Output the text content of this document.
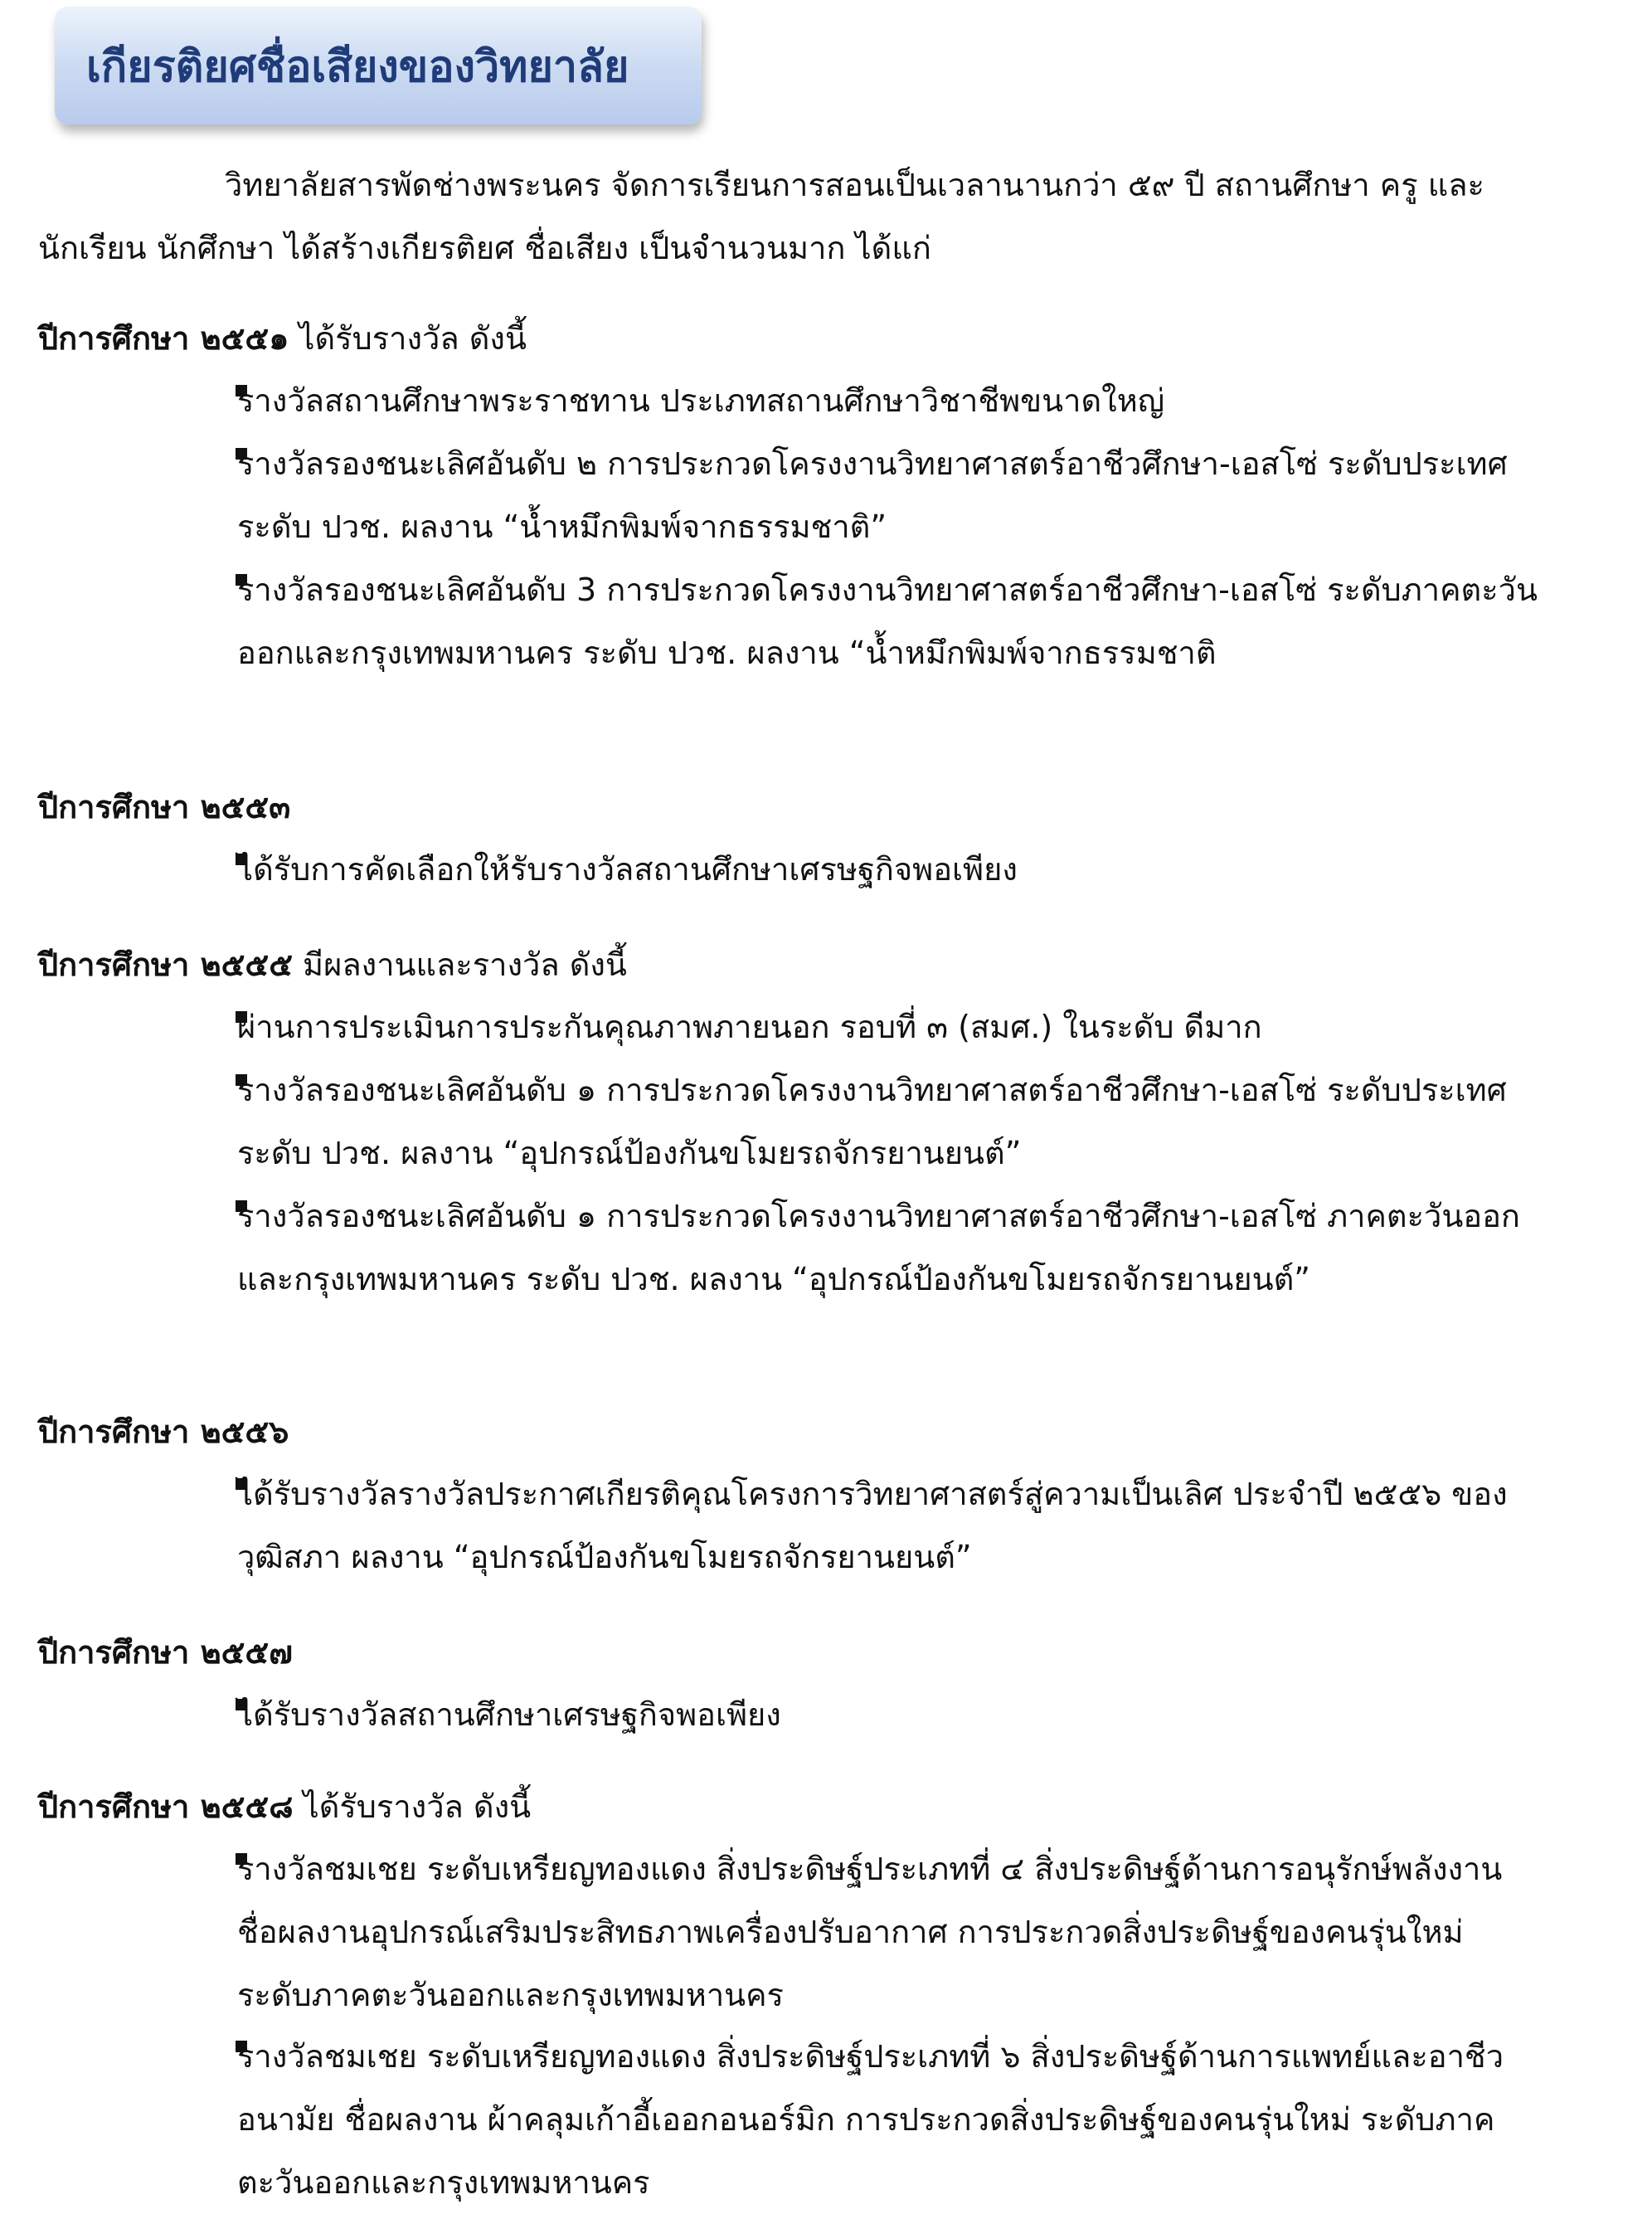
เกียรติยศชื่อเสียงของวิทยาลัย

วิทยาลัยสารพัดช่างพระนคร จัดการเรียนการสอนเป็นเวลานานกว่า ๕๙ ปี สถานศึกษา ครู และนักเรียน นักศึกษา ได้สร้างเกียรติยศ ชื่อเสียง เป็นจำนวนมาก ได้แก่

ปีการศึกษา ๒๕๕๑ ได้รับรางวัล ดังนี้
รางวัลสถานศึกษาพระราชทาน ประเภทสถานศึกษาวิชาชีพขนาดใหญ่
รางวัลรองชนะเลิศอันดับ ๒ การประกวดโครงงานวิทยาศาสตร์อาชีวศึกษา-เอสโซ่ ระดับประเทศ ระดับ ปวช. ผลงาน “น้ำหมึกพิมพ์จากธรรมชาติ”
รางวัลรองชนะเลิศอันดับ 3 การประกวดโครงงานวิทยาศาสตร์อาชีวศึกษา-เอสโซ่ ระดับภาคตะวันออกและกรุงเทพมหานคร ระดับ ปวช. ผลงาน “น้ำหมึกพิมพ์จากธรรมชาติ
ปีการศึกษา ๒๕๕๓
ได้รับการคัดเลือกให้รับรางวัลสถานศึกษาเศรษฐกิจพอเพียง
ปีการศึกษา ๒๕๕๕ มีผลงานและรางวัล ดังนี้
ผ่านการประเมินการประกันคุณภาพภายนอก รอบที่ ๓ (สมศ.) ในระดับ ดีมาก
รางวัลรองชนะเลิศอันดับ ๑ การประกวดโครงงานวิทยาศาสตร์อาชีวศึกษา-เอสโซ่ ระดับประเทศ ระดับ ปวช. ผลงาน “อุปกรณ์ป้องกันขโมยรถจักรยานยนต์”
รางวัลรองชนะเลิศอันดับ ๑ การประกวดโครงงานวิทยาศาสตร์อาชีวศึกษา-เอสโซ่ ภาคตะวันออกและกรุงเทพมหานคร ระดับ ปวช. ผลงาน “อุปกรณ์ป้องกันขโมยรถจักรยานยนต์”
ปีการศึกษา ๒๕๕๖
ได้รับรางวัลรางวัลประกาศเกียรติคุณโครงการวิทยาศาสตร์สู่ความเป็นเลิศ ประจำปี ๒๕๕๖ ของวุฒิสภา ผลงาน “อุปกรณ์ป้องกันขโมยรถจักรยานยนต์”
ปีการศึกษา ๒๕๕๗
ได้รับรางวัลสถานศึกษาเศรษฐกิจพอเพียง
ปีการศึกษา ๒๕๕๘ ได้รับรางวัล ดังนี้
รางวัลชมเชย ระดับเหรียญทองแดง สิ่งประดิษฐ์ประเภทที่ ๔ สิ่งประดิษฐ์ด้านการอนุรักษ์พลังงาน ชื่อผลงานอุปกรณ์เสริมประสิทธภาพเครื่องปรับอากาศ การประกวดสิ่งประดิษฐ์ของคนรุ่นใหม่ ระดับภาคตะวันออกและกรุงเทพมหานคร
รางวัลชมเชย ระดับเหรียญทองแดง สิ่งประดิษฐ์ประเภทที่ ๖ สิ่งประดิษฐ์ด้านการแพทย์และอาชีวอนามัย ชื่อผลงาน ผ้าคลุมเก้าอี้เออกอนอร์มิก การประกวดสิ่งประดิษฐ์ของคนรุ่นใหม่ ระดับภาคตะวันออกและกรุงเทพมหานคร
